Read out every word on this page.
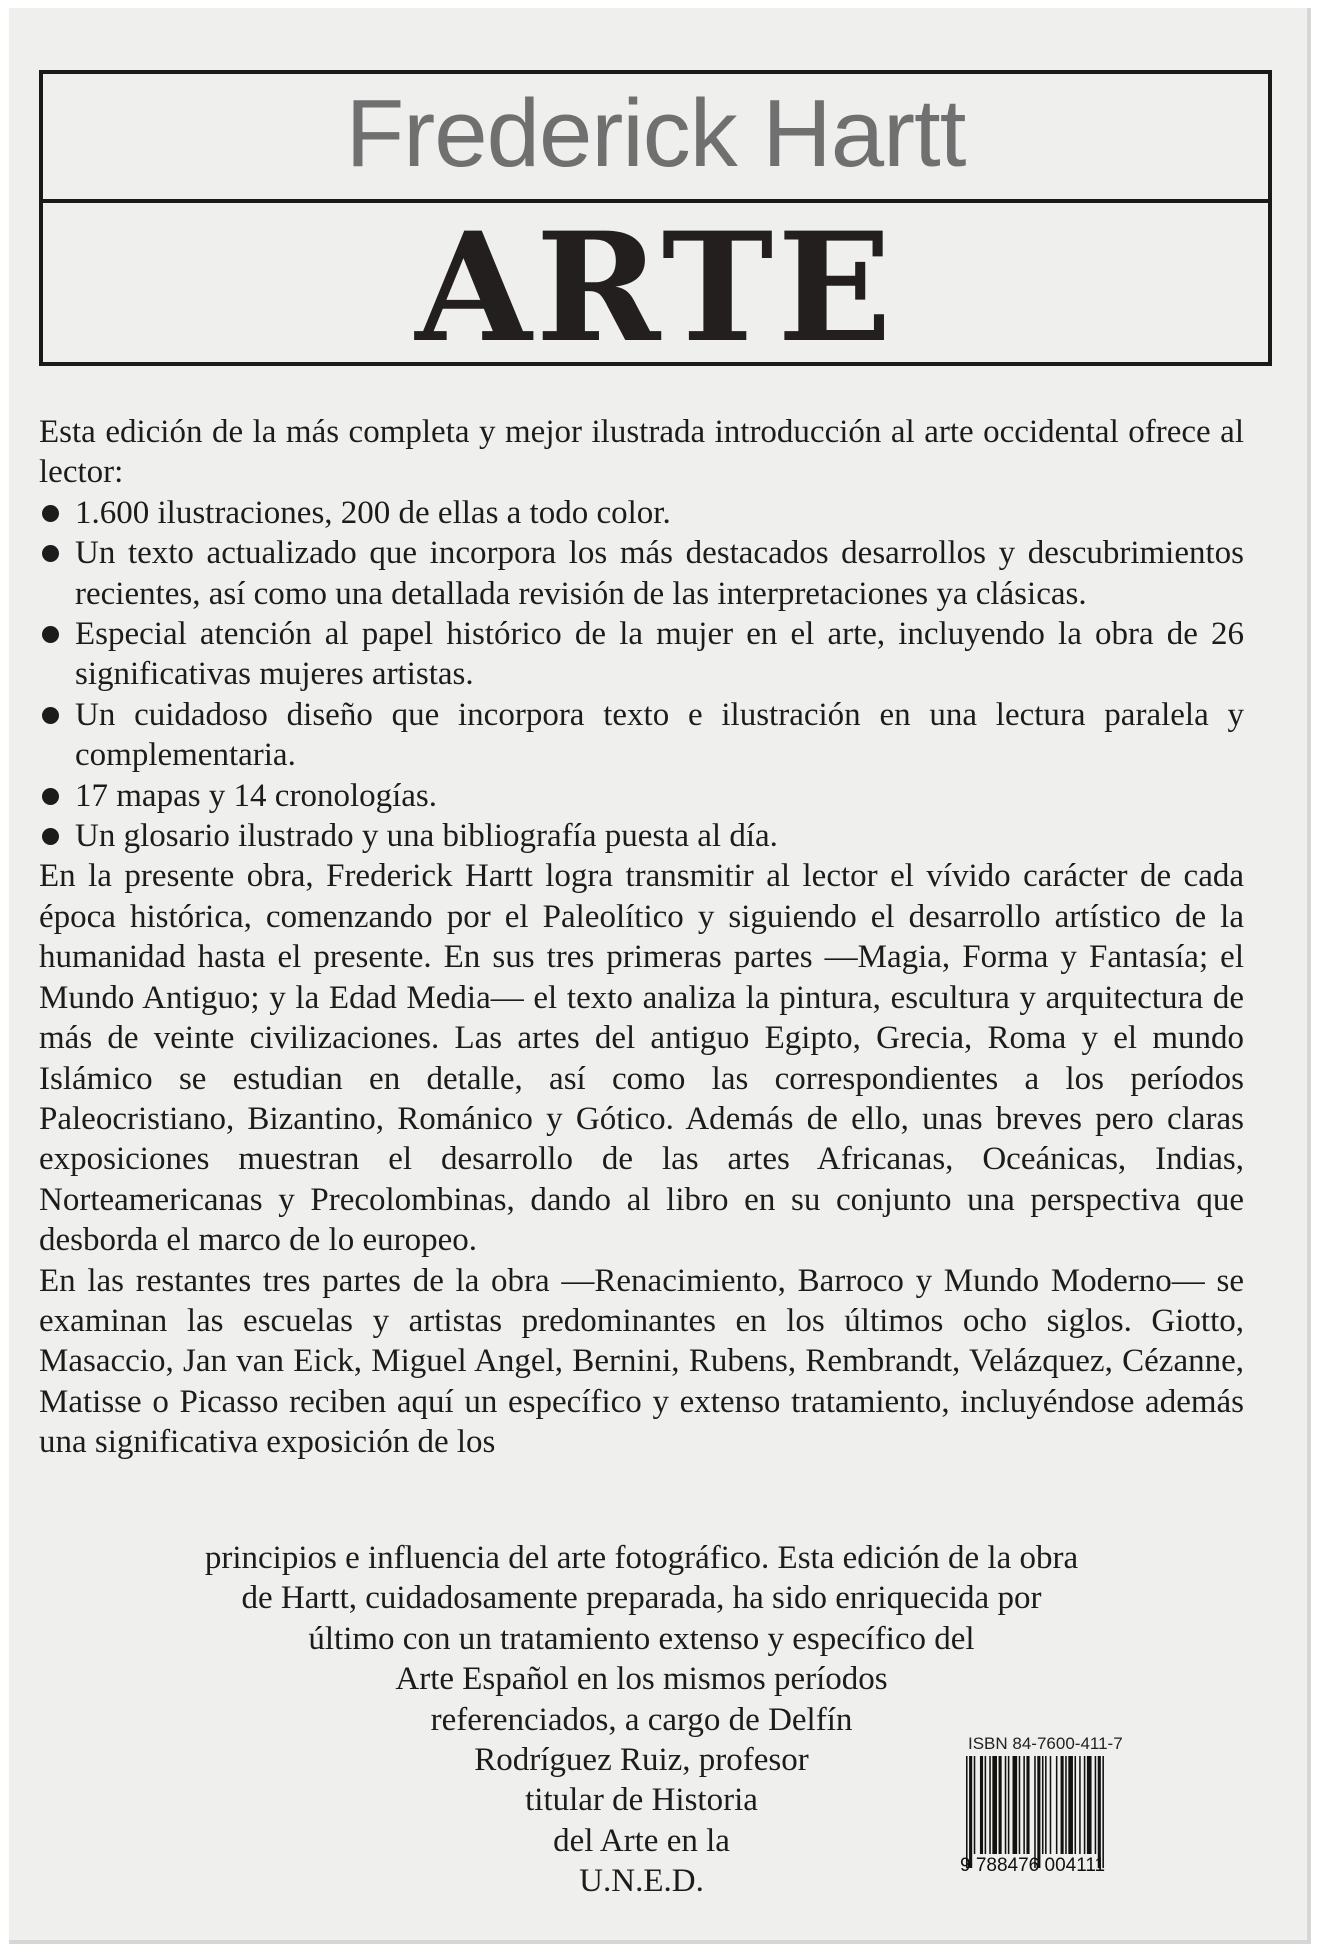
Frederick Hartt
ARTE

Esta edición de la más completa y mejor ilustrada introducción al arte occidental ofrece al lector:

1.600 ilustraciones, 200 de ellas a todo color.
Un texto actualizado que incorpora los más destacados desarrollos y descubrimientos recientes, así como una detallada revisión de las interpretaciones ya clásicas.
Especial atención al papel histórico de la mujer en el arte, incluyendo la obra de 26 significativas mujeres artistas.
Un cuidadoso diseño que incorpora texto e ilustración en una lectura paralela y complementaria.
17 mapas y 14 cronologías.
Un glosario ilustrado y una bibliografía puesta al día.

En la presente obra, Frederick Hartt logra transmitir al lector el vívido carácter de cada época histórica, comenzando por el Paleolítico y siguiendo el desarrollo artístico de la humanidad hasta el presente. En sus tres primeras partes —Magia, Forma y Fantasía; el Mundo Antiguo; y la Edad Media— el texto analiza la pintura, escultura y arquitectura de más de veinte civilizaciones. Las artes del antiguo Egipto, Grecia, Roma y el mundo Islámico se estudian en detalle, así como las correspondientes a los períodos Paleocristiano, Bizantino, Románico y Gótico. Además de ello, unas breves pero claras exposiciones muestran el desarrollo de las artes Africanas, Oceánicas, Indias, Norteamericanas y Precolombinas, dando al libro en su conjunto una perspectiva que desborda el marco de lo europeo.

En las restantes tres partes de la obra —Renacimiento, Barroco y Mundo Moderno— se examinan las escuelas y artistas predominantes en los últimos ocho siglos. Giotto, Masaccio, Jan van Eick, Miguel Angel, Bernini, Rubens, Rembrandt, Velázquez, Cézanne, Matisse o Picasso reciben aquí un específico y extenso tratamiento, incluyéndose además una significativa exposición de los

principios e influencia del arte fotográfico. Esta edición de la obra
de Hartt, cuidadosamente preparada, ha sido enriquecida por
último con un tratamiento extenso y específico del
Arte Español en los mismos períodos
referenciados, a cargo de Delfín
Rodríguez Ruiz, profesor
titular de Historia
del Arte en la
U.N.E.D.
ISBN 84-7600-411-7
9 788476 004111
